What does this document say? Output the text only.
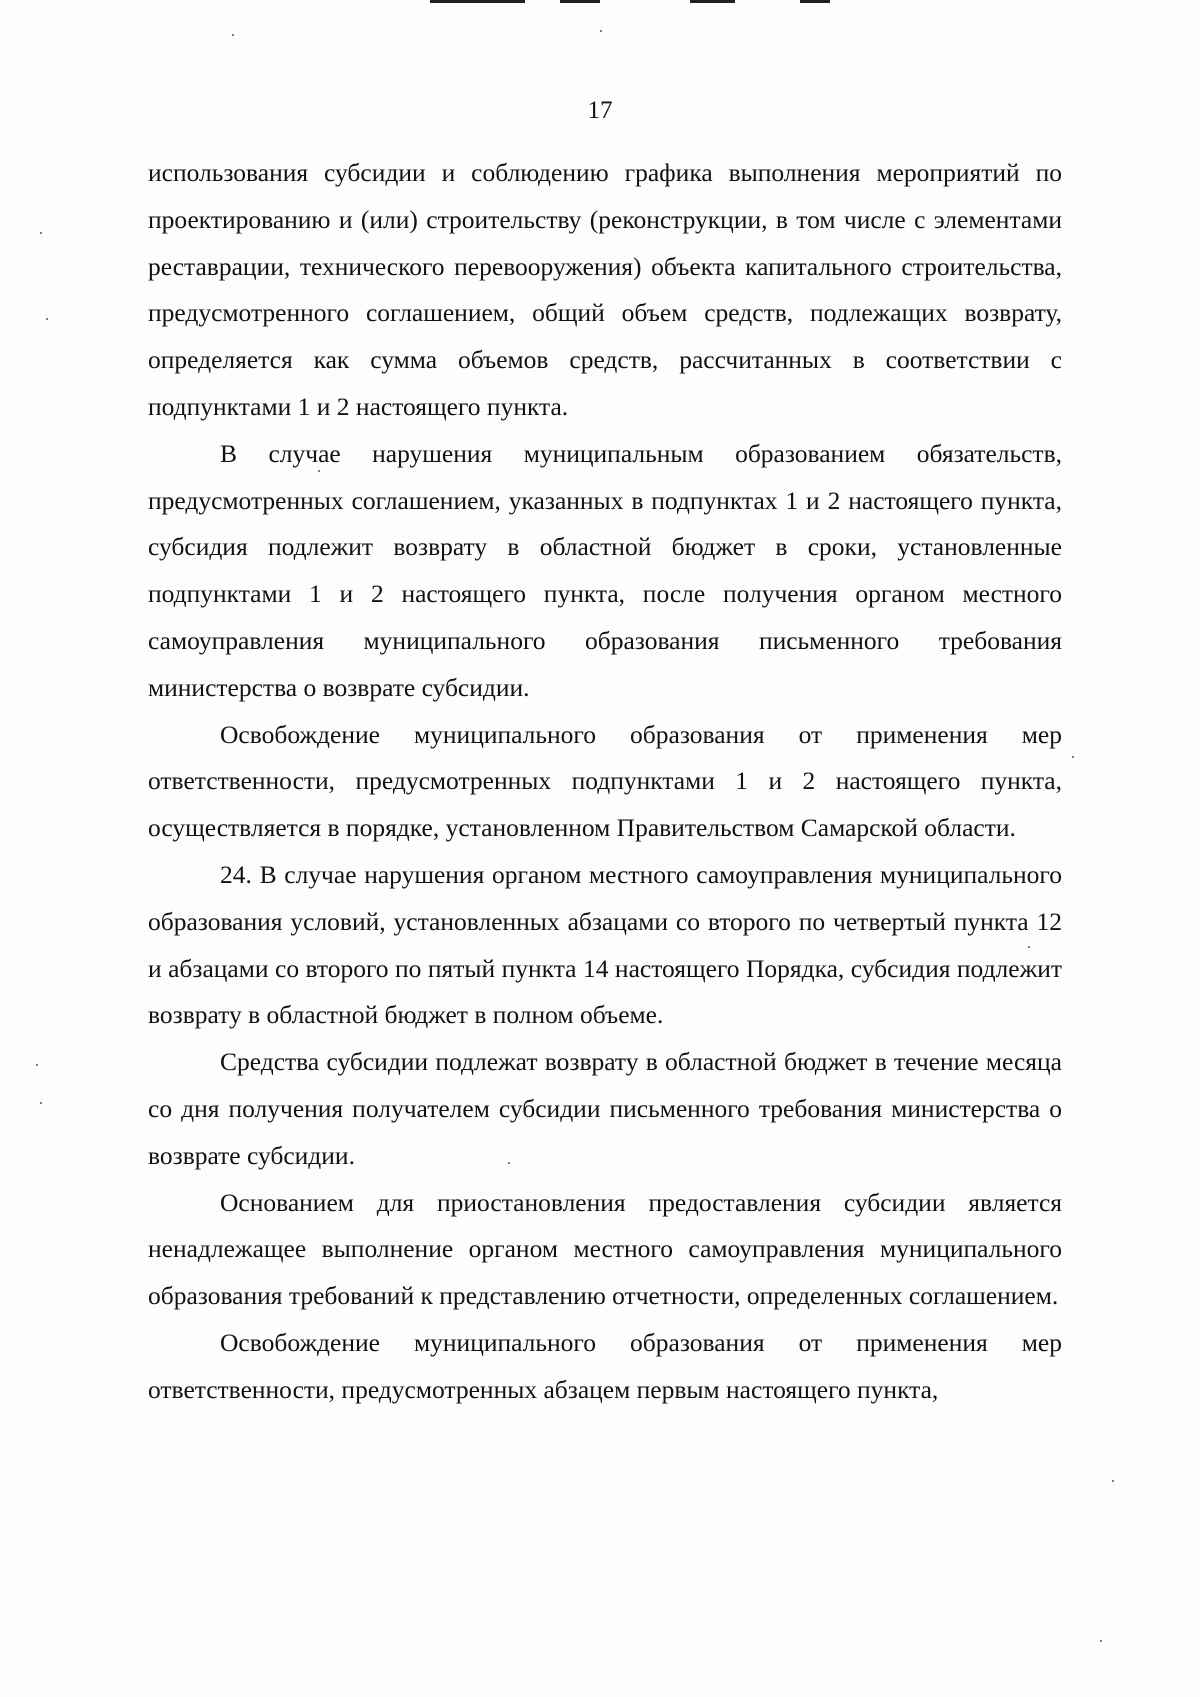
17

использования субсидии и соблюдению графика выполнения мероприятий по проектированию и (или) строительству (реконструкции, в том числе с элементами реставрации, технического перевооружения) объекта капитального строительства, предусмотренного соглашением, общий объем средств, подлежащих возврату, определяется как сумма объемов средств, рассчитанных в соответствии с подпунктами 1 и 2 настоящего пункта.

В случае нарушения муниципальным образованием обязательств, предусмотренных соглашением, указанных в подпунктах 1 и 2 настоящего пункта, субсидия подлежит возврату в областной бюджет в сроки, установленные подпунктами 1 и 2 настоящего пункта, после получения органом местного самоуправления муниципального образования письменного требования министерства о возврате субсидии.

Освобождение муниципального образования от применения мер ответственности, предусмотренных подпунктами 1 и 2 настоящего пункта, осуществляется в порядке, установленном Правительством Самарской области.

24. В случае нарушения органом местного самоуправления муниципального образования условий, установленных абзацами со второго по четвертый пункта 12 и абзацами со второго по пятый пункта 14 настоящего Порядка, субсидия подлежит возврату в областной бюджет в полном объеме.

Средства субсидии подлежат возврату в областной бюджет в течение месяца со дня получения получателем субсидии письменного требования министерства о возврате субсидии.

Основанием для приостановления предоставления субсидии является ненадлежащее выполнение органом местного самоуправления муниципального образования требований к представлению отчетности, определенных соглашением.

Освобождение муниципального образования от применения мер ответственности, предусмотренных абзацем первым настоящего пункта,
